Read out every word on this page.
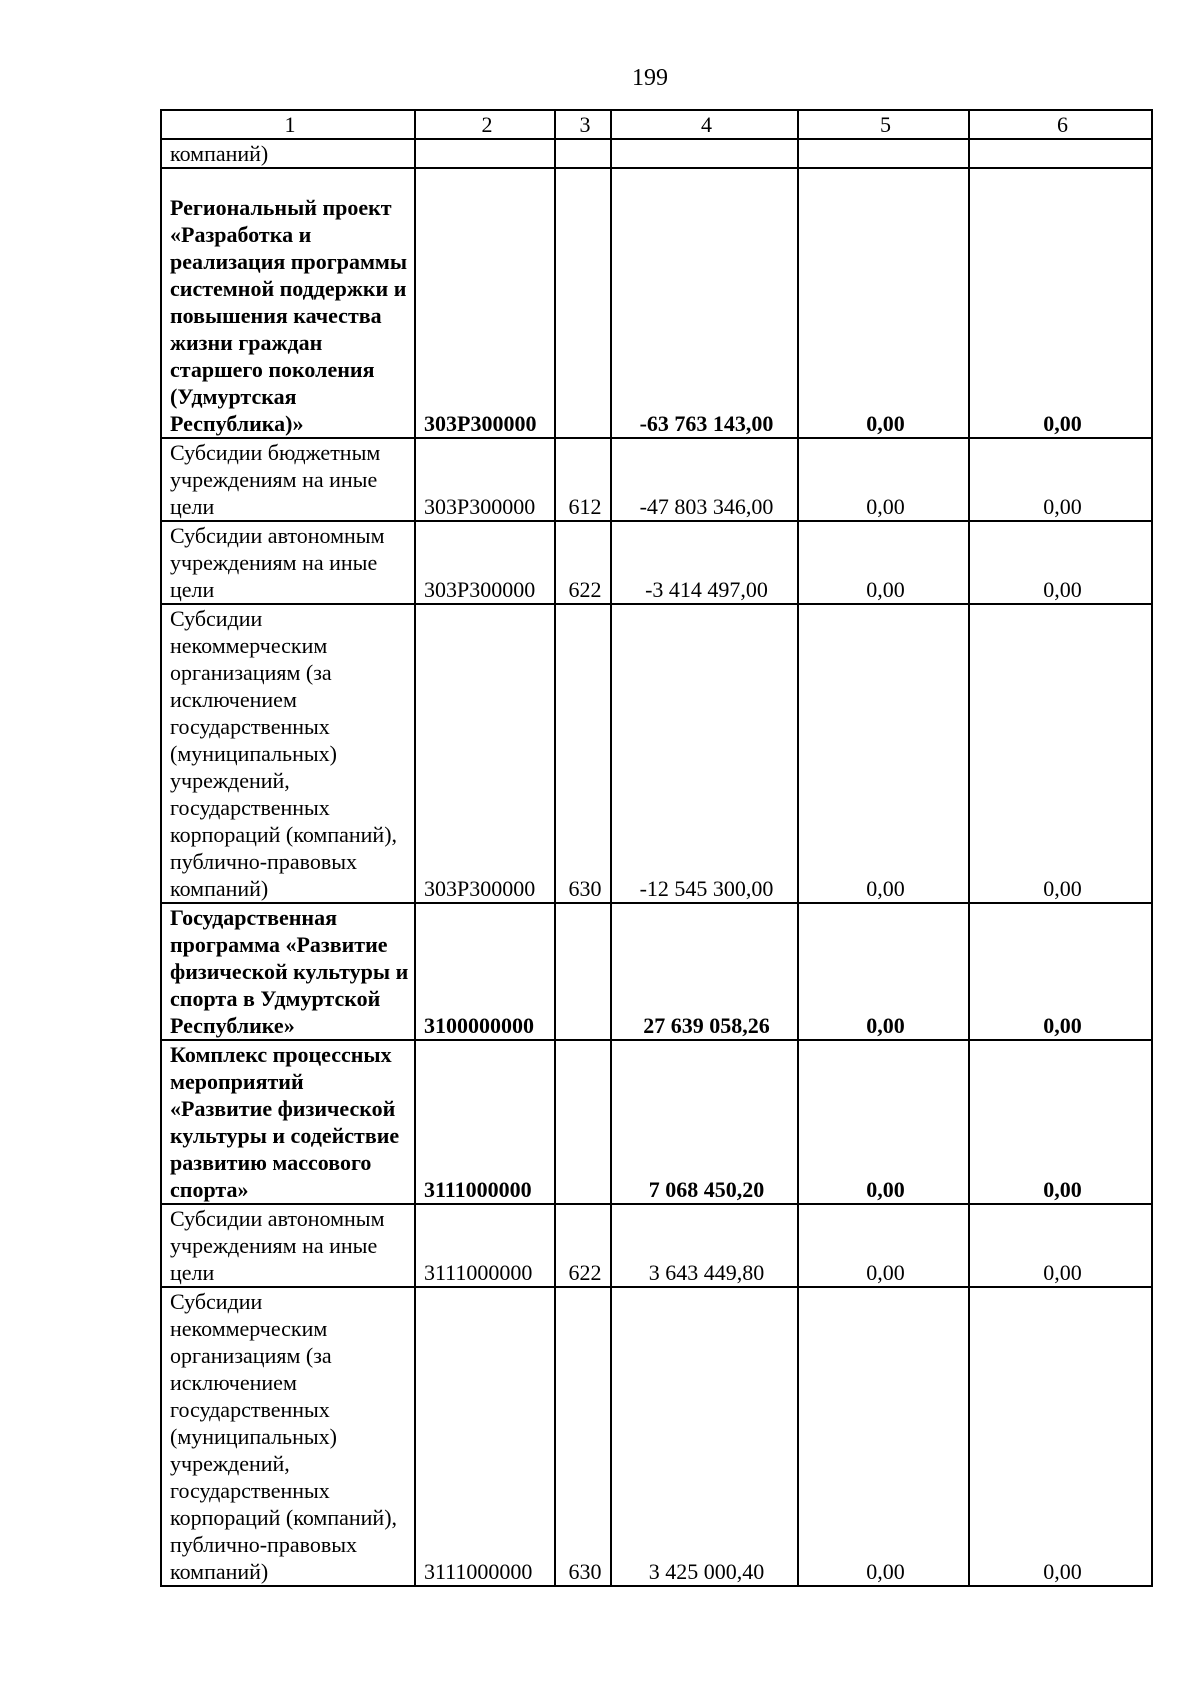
199
1	2	3	4	5	6
компаний)					
Региональный проект «Разработка и реализация программы системной поддержки и повышения качества жизни граждан старшего поколения (Удмуртская Республика)»	303P300000		-63 763 143,00	0,00	0,00
Субсидии бюджетным учреждениям на иные цели	303P300000	612	-47 803 346,00	0,00	0,00
Субсидии автономным учреждениям на иные цели	303P300000	622	-3 414 497,00	0,00	0,00
Субсидии некоммерческим организациям (за исключением государственных (муниципальных) учреждений, государственных корпораций (компаний), публично-правовых компаний)	303P300000	630	-12 545 300,00	0,00	0,00
Государственная программа «Развитие физической культуры и спорта в Удмуртской Республике»	3100000000		27 639 058,26	0,00	0,00
Комплекс процессных мероприятий «Развитие физической культуры и содействие развитию массового спорта»	3111000000		7 068 450,20	0,00	0,00
Субсидии автономным учреждениям на иные цели	3111000000	622	3 643 449,80	0,00	0,00
Субсидии некоммерческим организациям (за исключением государственных (муниципальных) учреждений, государственных корпораций (компаний), публично-правовых компаний)	3111000000	630	3 425 000,40	0,00	0,00
